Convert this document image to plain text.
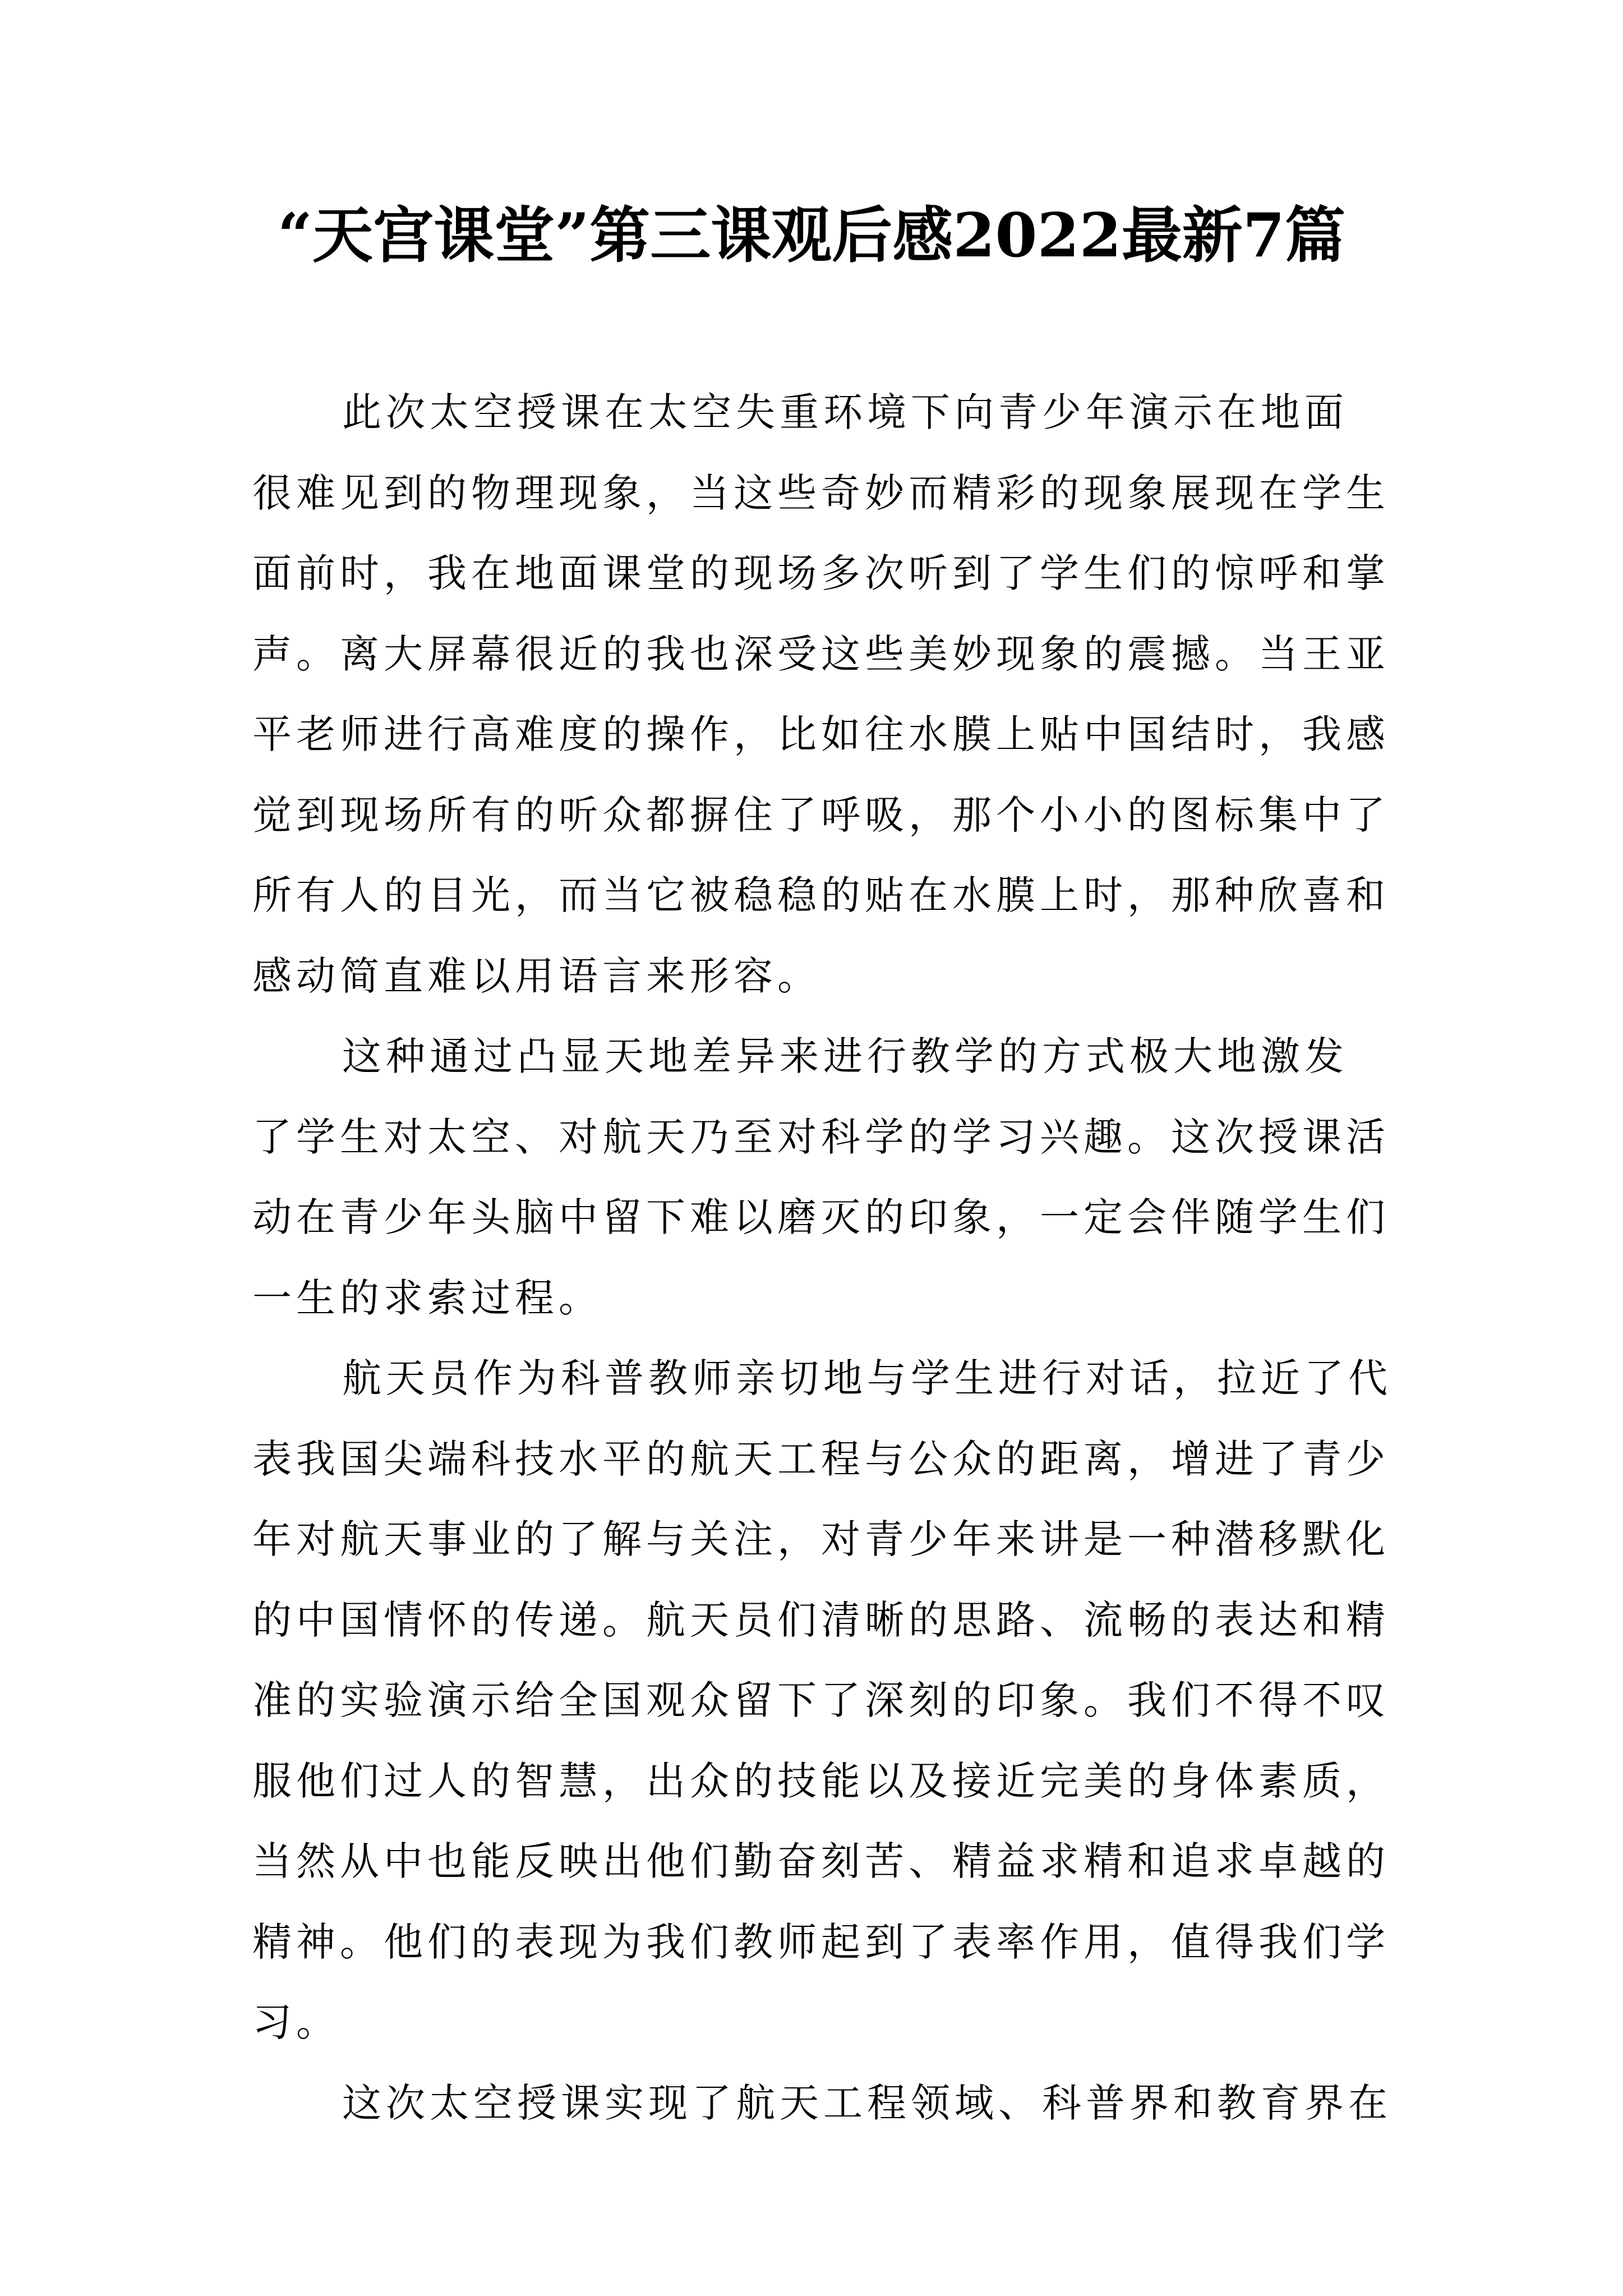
“天宫课堂”第三课观后感2022最新7篇
此次太空授课在太空失重环境下向青少年演示在地面
很难见到的物理现象，当这些奇妙而精彩的现象展现在学生
面前时，我在地面课堂的现场多次听到了学生们的惊呼和掌
声。离大屏幕很近的我也深受这些美妙现象的震撼。当王亚
平老师进行高难度的操作，比如往水膜上贴中国结时，我感
觉到现场所有的听众都摒住了呼吸，那个小小的图标集中了
所有人的目光，而当它被稳稳的贴在水膜上时，那种欣喜和
感动简直难以用语言来形容。
这种通过凸显天地差异来进行教学的方式极大地激发
了学生对太空、对航天乃至对科学的学习兴趣。这次授课活
动在青少年头脑中留下难以磨灭的印象，一定会伴随学生们
一生的求索过程。
航天员作为科普教师亲切地与学生进行对话，拉近了代
表我国尖端科技水平的航天工程与公众的距离，增进了青少
年对航天事业的了解与关注，对青少年来讲是一种潜移默化
的中国情怀的传递。航天员们清晰的思路、流畅的表达和精
准的实验演示给全国观众留下了深刻的印象。我们不得不叹
服他们过人的智慧，出众的技能以及接近完美的身体素质，
当然从中也能反映出他们勤奋刻苦、精益求精和追求卓越的
精神。他们的表现为我们教师起到了表率作用，值得我们学
习。
这次太空授课实现了航天工程领域、科普界和教育界在
